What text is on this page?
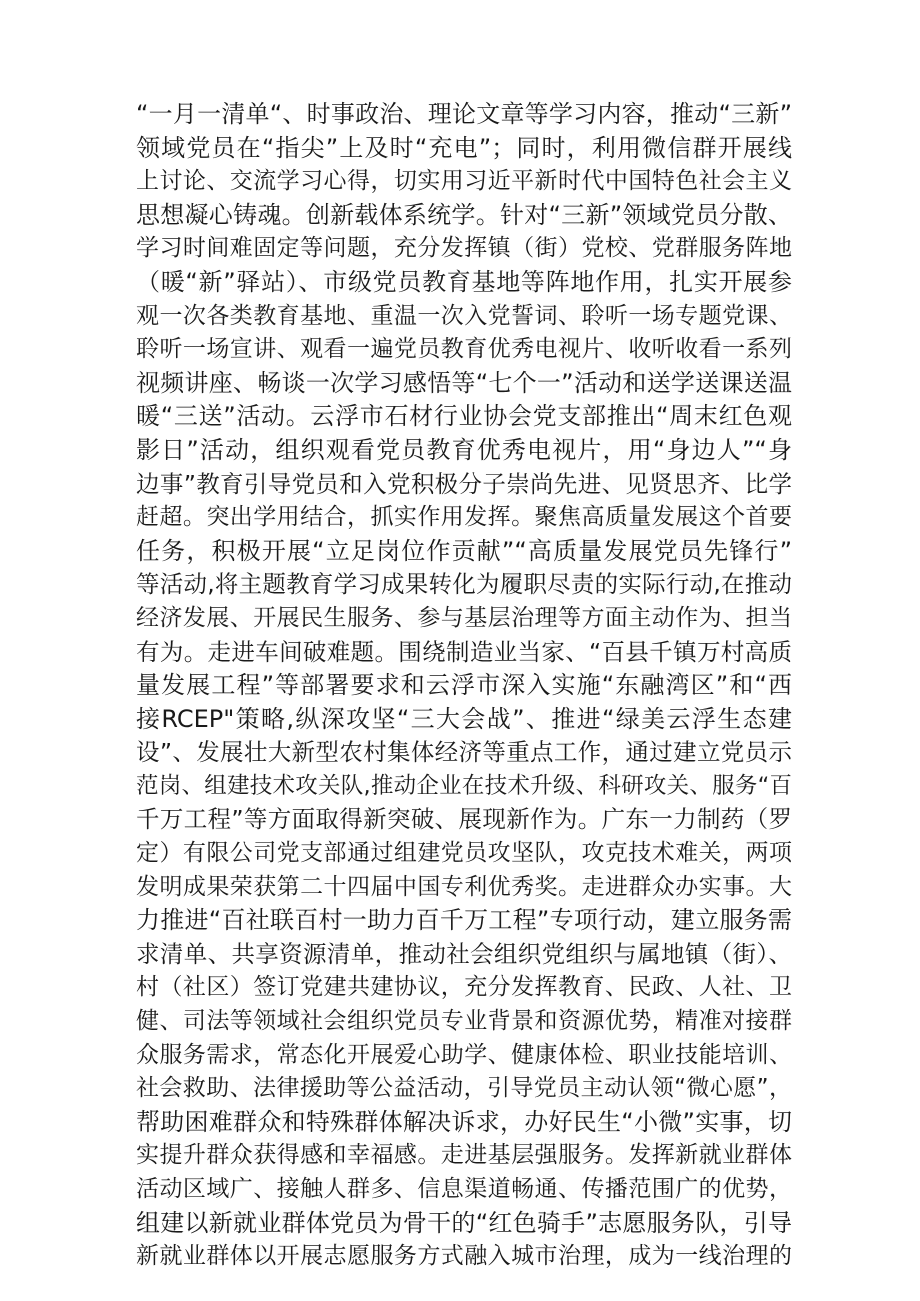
“一月一清单“、时事政治、理论文章等学习内容，推动“三新”
领域党员在“指尖”上及时“充电”；同时，利用微信群开展线
上讨论、交流学习心得，切实用习近平新时代中国特色社会主义
思想凝心铸魂。创新载体系统学。针对“三新”领域党员分散、
学习时间难固定等问题，充分发挥镇（街）党校、党群服务阵地
（暖“新”驿站）、市级党员教育基地等阵地作用，扎实开展参
观一次各类教育基地、重温一次入党誓词、聆听一场专题党课、
聆听一场宣讲、观看一遍党员教育优秀电视片、收听收看一系列
视频讲座、畅谈一次学习感悟等“七个一”活动和送学送课送温
暖“三送”活动。云浮市石材行业协会党支部推出“周末红色观
影日”活动，组织观看党员教育优秀电视片，用“身边人”“身
边事”教育引导党员和入党积极分子崇尚先进、见贤思齐、比学
赶超。突出学用结合，抓实作用发挥。聚焦高质量发展这个首要
任务，积极开展“立足岗位作贡献”“高质量发展党员先锋行”
等活动,将主题教育学习成果转化为履职尽责的实际行动,在推动
经济发展、开展民生服务、参与基层治理等方面主动作为、担当
有为。走进车间破难题。围绕制造业当家、“百县千镇万村高质
量发展工程”等部署要求和云浮市深入实施“东融湾区”和“西
接RCEP"策略,纵深攻坚“三大会战”、推进“绿美云浮生态建
设”、发展壮大新型农村集体经济等重点工作，通过建立党员示
范岗、组建技术攻关队,推动企业在技术升级、科研攻关、服务“百
千万工程”等方面取得新突破、展现新作为。广东一力制药（罗
定）有限公司党支部通过组建党员攻坚队，攻克技术难关，两项
发明成果荣获第二十四届中国专利优秀奖。走进群众办实事。大
力推进“百社联百村一助力百千万工程”专项行动，建立服务需
求清单、共享资源清单，推动社会组织党组织与属地镇（街）、
村（社区）签订党建共建协议，充分发挥教育、民政、人社、卫
健、司法等领域社会组织党员专业背景和资源优势，精准对接群
众服务需求，常态化开展爱心助学、健康体检、职业技能培训、
社会救助、法律援助等公益活动，引导党员主动认领“微心愿”，
帮助困难群众和特殊群体解决诉求，办好民生“小微”实事，切
实提升群众获得感和幸福感。走进基层强服务。发挥新就业群体
活动区域广、接触人群多、信息渠道畅通、传播范围广的优势，
组建以新就业群体党员为骨干的“红色骑手”志愿服务队，引导
新就业群体以开展志愿服务方式融入城市治理，成为一线治理的
